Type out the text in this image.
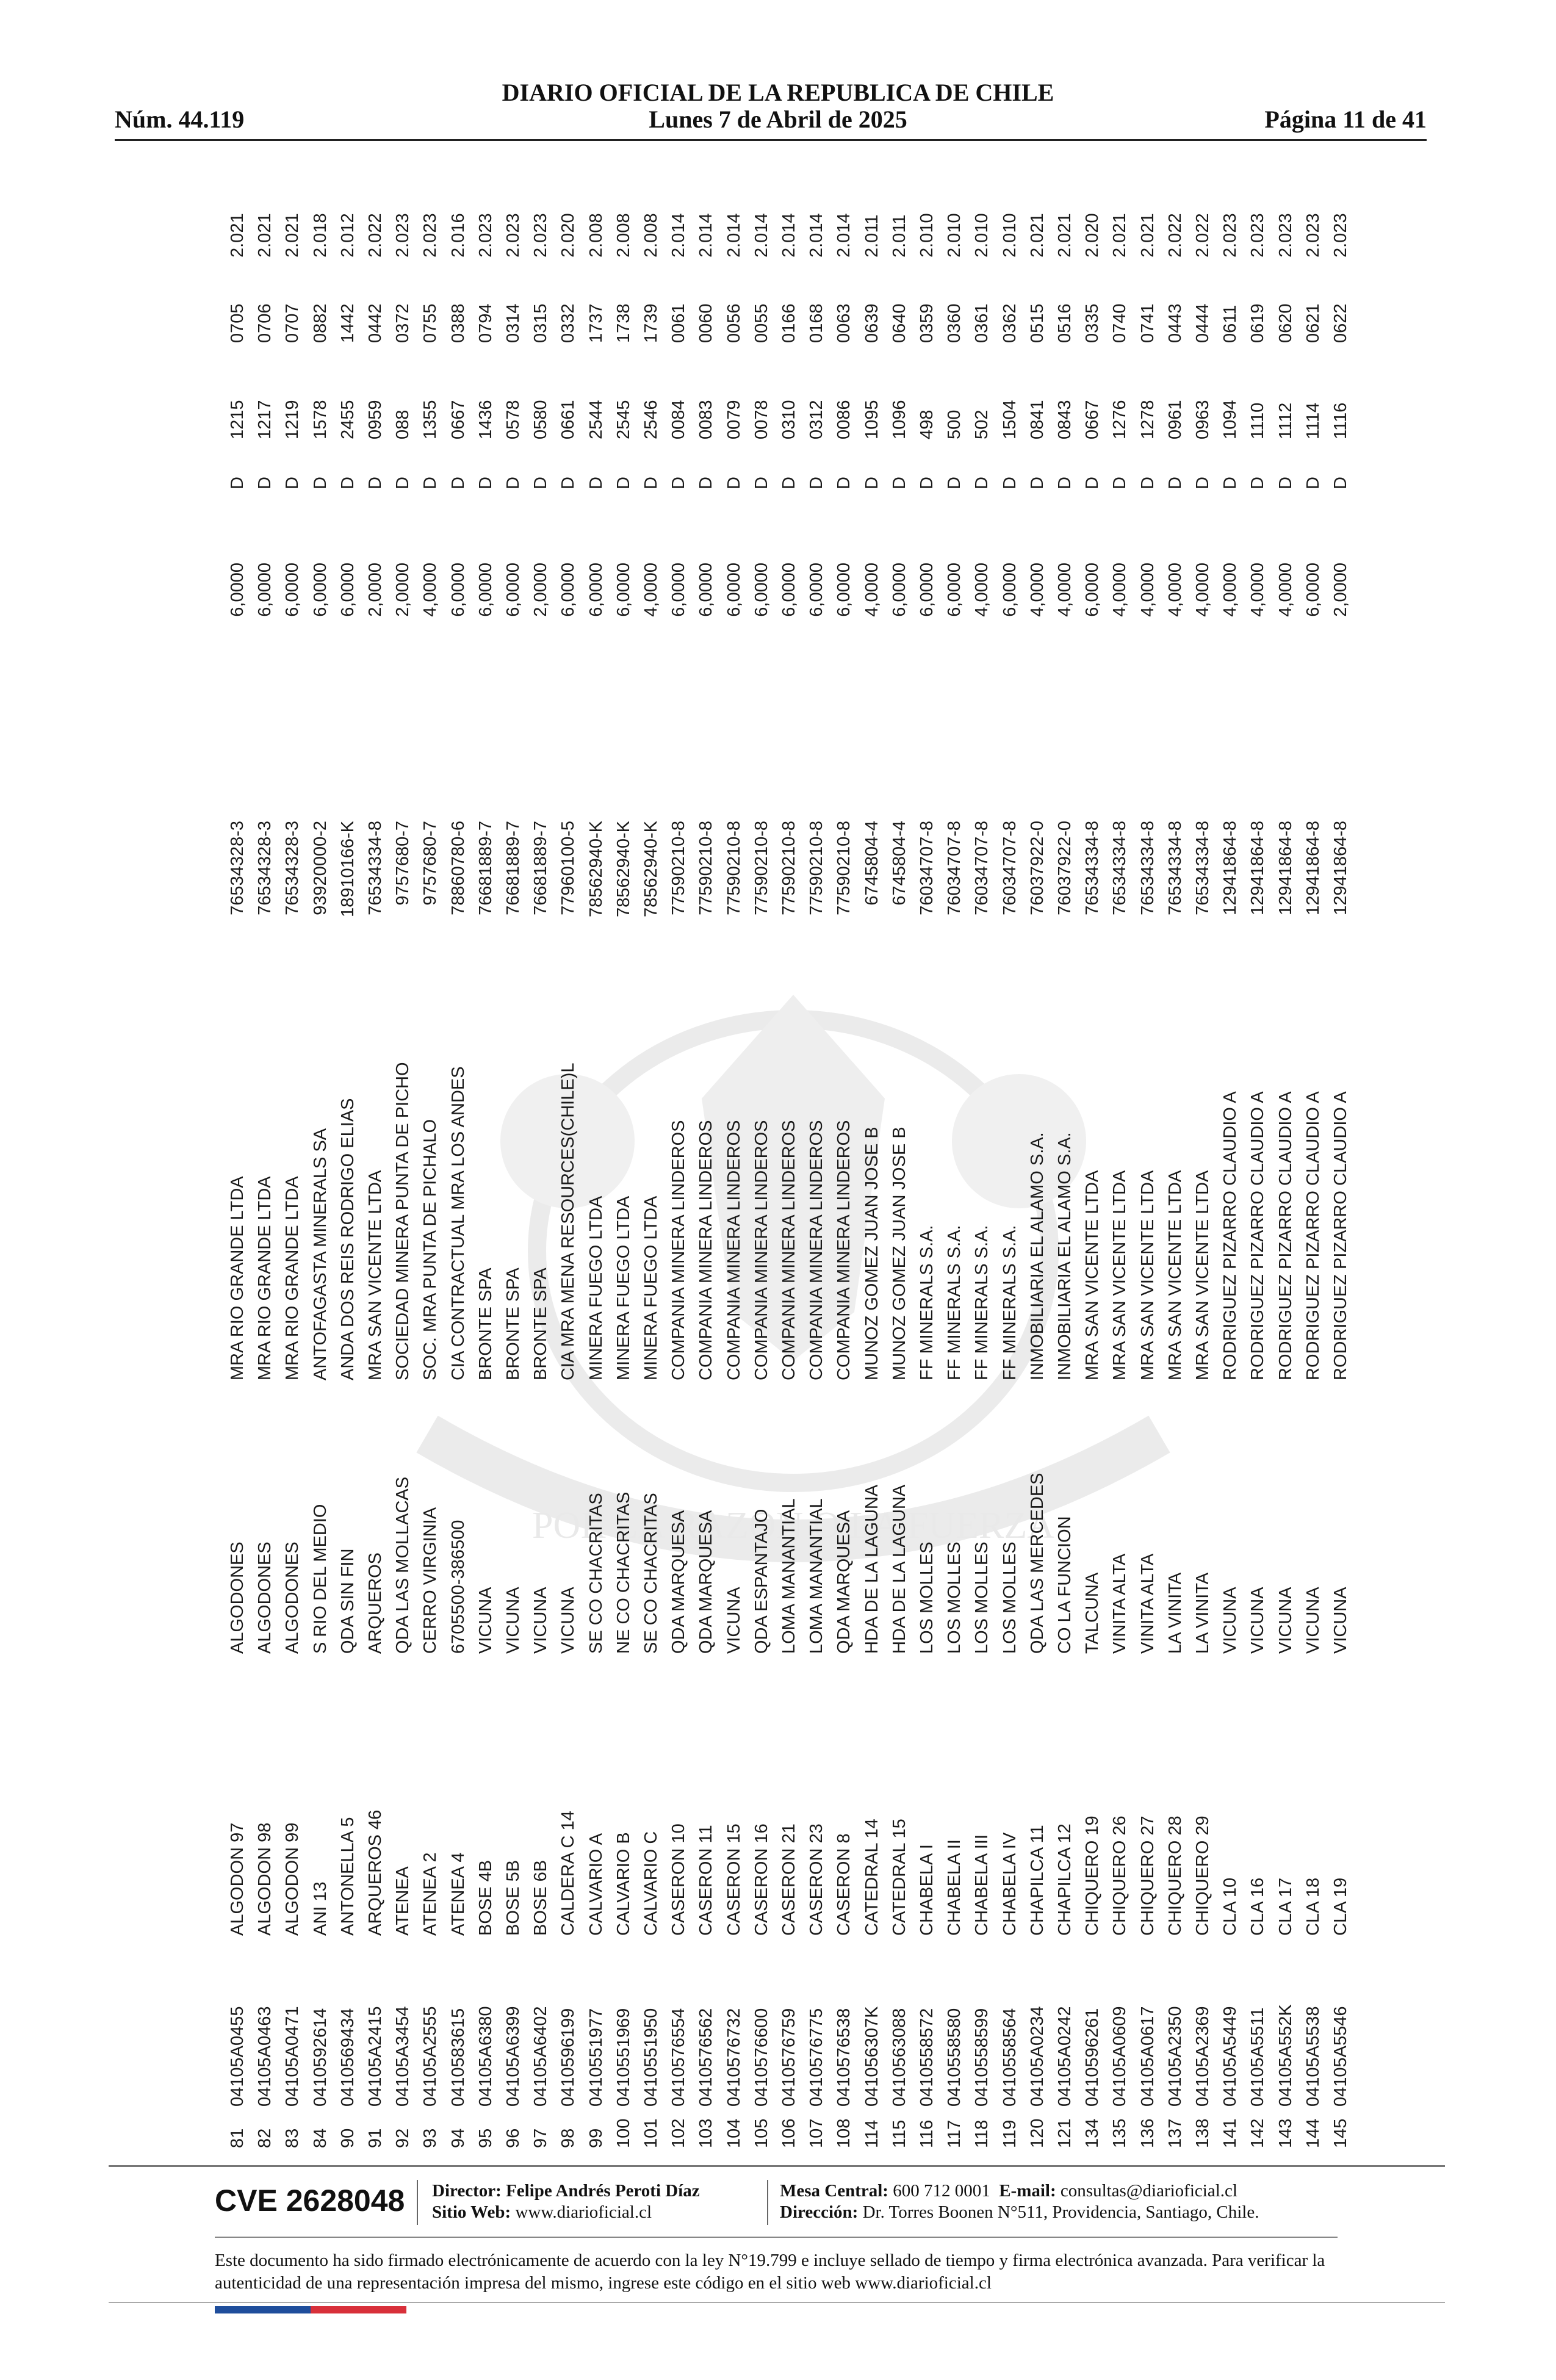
Núm. 44.119
DIARIO OFICIAL DE LA REPUBLICA DE CHILE
Lunes 7 de Abril de 2025	Página 11 de 41
POR LA RAZON O LA FUERZA
81
04105A0455
ALGODON 97
ALGODONES
MRA RIO GRANDE LTDA
76534328-3
6,0000
D
1215
0705
2.021
82
04105A0463
ALGODON 98
ALGODONES
MRA RIO GRANDE LTDA
76534328-3
6,0000
D
1217
0706
2.021
83
04105A0471
ALGODON 99
ALGODONES
MRA RIO GRANDE LTDA
76534328-3
6,0000
D
1219
0707
2.021
84
0410592614
ANI 13
S RIO DEL MEDIO
ANTOFAGASTA MINERALS SA
93920000-2
6,0000
D
1578
0882
2.018
90
0410569434
ANTONELLA 5
QDA SIN FIN
ANDA DOS REIS RODRIGO ELIAS
18910166-K
6,0000
D
2455
1442
2.012
91
04105A2415
ARQUEROS 46
ARQUEROS
MRA SAN VICENTE LTDA
76534334-8
2,0000
D
0959
0442
2.022
92
04105A3454
ATENEA
QDA LAS MOLLACAS
SOCIEDAD MINERA PUNTA DE PICHO
9757680-7
2,0000
D
088
0372
2.023
93
04105A2555
ATENEA 2
CERRO VIRGINIA
SOC. MRA PUNTA DE PICHALO
9757680-7
4,0000
D
1355
0755
2.023
94
0410583615
ATENEA 4
6705500-386500
CIA CONTRACTUAL MRA LOS ANDES
78860780-6
6,0000
D
0667
0388
2.016
95
04105A6380
BOSE 4B
VICUNA
BRONTE SPA
76681889-7
6,0000
D
1436
0794
2.023
96
04105A6399
BOSE 5B
VICUNA
BRONTE SPA
76681889-7
6,0000
D
0578
0314
2.023
97
04105A6402
BOSE 6B
VICUNA
BRONTE SPA
76681889-7
2,0000
D
0580
0315
2.023
98
0410596199
CALDERA C 14
VICUNA
CIA MRA MENA RESOURCES(CHILE)L
77960100-5
6,0000
D
0661
0332
2.020
99
0410551977
CALVARIO A
SE CO CHACRITAS
MINERA FUEGO LTDA
78562940-K
6,0000
D
2544
1737
2.008
100
0410551969
CALVARIO B
NE CO CHACRITAS
MINERA FUEGO LTDA
78562940-K
6,0000
D
2545
1738
2.008
101
0410551950
CALVARIO C
SE CO CHACRITAS
MINERA FUEGO LTDA
78562940-K
4,0000
D
2546
1739
2.008
102
0410576554
CASERON 10
QDA MARQUESA
COMPANIA MINERA LINDEROS
77590210-8
6,0000
D
0084
0061
2.014
103
0410576562
CASERON 11
QDA MARQUESA
COMPANIA MINERA LINDEROS
77590210-8
6,0000
D
0083
0060
2.014
104
0410576732
CASERON 15
VICUNA
COMPANIA MINERA LINDEROS
77590210-8
6,0000
D
0079
0056
2.014
105
0410576600
CASERON 16
QDA ESPANTAJO
COMPANIA MINERA LINDEROS
77590210-8
6,0000
D
0078
0055
2.014
106
0410576759
CASERON 21
LOMA MANANTIAL
COMPANIA MINERA LINDEROS
77590210-8
6,0000
D
0310
0166
2.014
107
0410576775
CASERON 23
LOMA MANANTIAL
COMPANIA MINERA LINDEROS
77590210-8
6,0000
D
0312
0168
2.014
108
0410576538
CASERON 8
QDA MARQUESA
COMPANIA MINERA LINDEROS
77590210-8
6,0000
D
0086
0063
2.014
114
041056307K
CATEDRAL 14
HDA DE LA LAGUNA
MUNOZ GOMEZ JUAN JOSE B
6745804-4
4,0000
D
1095
0639
2.011
115
0410563088
CATEDRAL 15
HDA DE LA LAGUNA
MUNOZ GOMEZ JUAN JOSE B
6745804-4
6,0000
D
1096
0640
2.011
116
0410558572
CHABELA I
LOS MOLLES
FF MINERALS S.A.
76034707-8
6,0000
D
498
0359
2.010
117
0410558580
CHABELA II
LOS MOLLES
FF MINERALS S.A.
76034707-8
6,0000
D
500
0360
2.010
118
0410558599
CHABELA III
LOS MOLLES
FF MINERALS S.A.
76034707-8
4,0000
D
502
0361
2.010
119
0410558564
CHABELA IV
LOS MOLLES
FF MINERALS S.A.
76034707-8
6,0000
D
1504
0362
2.010
120
04105A0234
CHAPILCA 11
QDA LAS MERCEDES
INMOBILIARIA EL ALAMO S.A.
76037922-0
4,0000
D
0841
0515
2.021
121
04105A0242
CHAPILCA 12
CO LA FUNCION
INMOBILIARIA EL ALAMO S.A.
76037922-0
4,0000
D
0843
0516
2.021
134
0410596261
CHIQUERO 19
TALCUNA
MRA SAN VICENTE LTDA
76534334-8
6,0000
D
0667
0335
2.020
135
04105A0609
CHIQUERO 26
VINITA ALTA
MRA SAN VICENTE LTDA
76534334-8
4,0000
D
1276
0740
2.021
136
04105A0617
CHIQUERO 27
VINITA ALTA
MRA SAN VICENTE LTDA
76534334-8
4,0000
D
1278
0741
2.021
137
04105A2350
CHIQUERO 28
LA VINITA
MRA SAN VICENTE LTDA
76534334-8
4,0000
D
0961
0443
2.022
138
04105A2369
CHIQUERO 29
LA VINITA
MRA SAN VICENTE LTDA
76534334-8
4,0000
D
0963
0444
2.022
141
04105A5449
CLA 10
VICUNA
RODRIGUEZ PIZARRO CLAUDIO A
12941864-8
4,0000
D
1094
0611
2.023
142
04105A5511
CLA 16
VICUNA
RODRIGUEZ PIZARRO CLAUDIO A
12941864-8
4,0000
D
1110
0619
2.023
143
04105A552K
CLA 17
VICUNA
RODRIGUEZ PIZARRO CLAUDIO A
12941864-8
4,0000
D
1112
0620
2.023
144
04105A5538
CLA 18
VICUNA
RODRIGUEZ PIZARRO CLAUDIO A
12941864-8
6,0000
D
1114
0621
2.023
145
04105A5546
CLA 19
VICUNA
RODRIGUEZ PIZARRO CLAUDIO A
12941864-8
2,0000
D
1116
0622
2.023
CVE 2628048 Director: Felipe Andrés Peroti Díaz
Sitio Web: www.diarioficial.cl
Mesa Central: 600 712 0001 E-mail: consultas@diarioficial.cl
Dirección: Dr. Torres Boonen N°511, Providencia, Santiago, Chile.
Este documento ha sido firmado electrónicamente de acuerdo con la ley N°19.799 e incluye sellado de tiempo y firma electrónica avanzada. Para verificar la autenticidad de una representación impresa del mismo, ingrese este código en el sitio web www.diarioficial.cl
